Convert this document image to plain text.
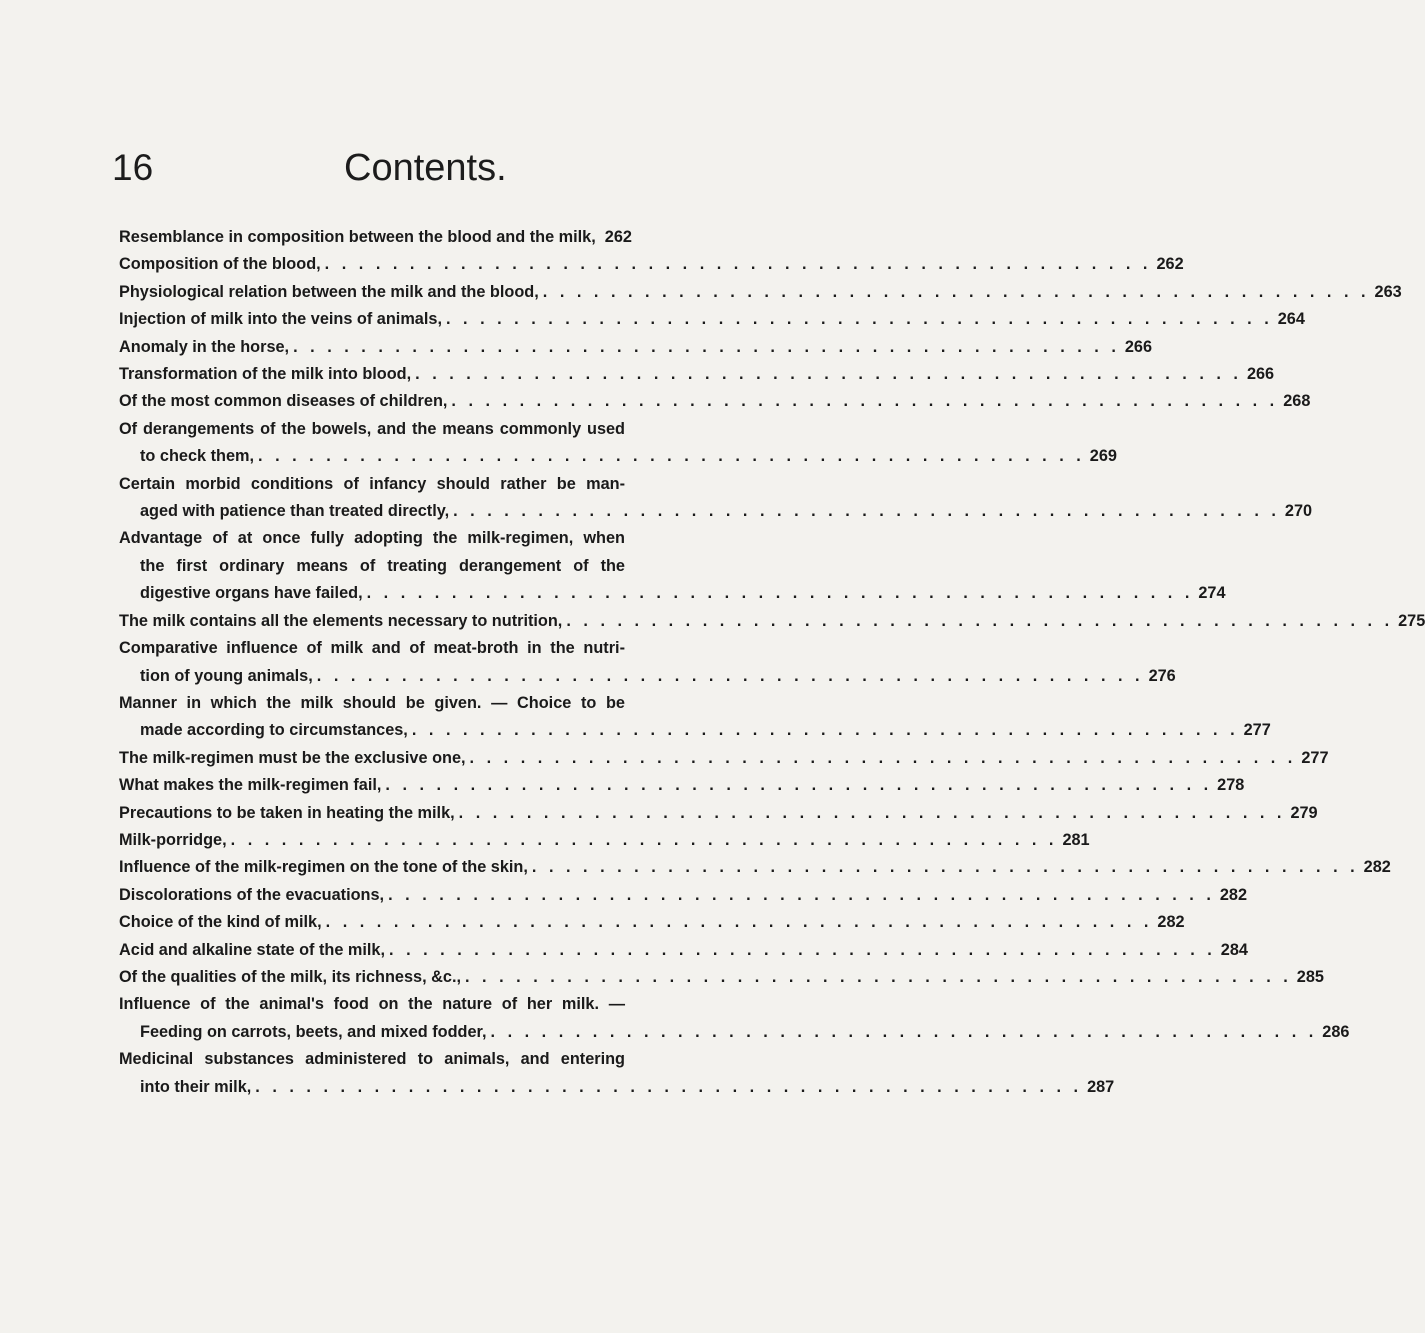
16	Contents.
Resemblance in composition between the blood and the milk, 262
Composition of the blood, . . . . . . . . . . . . . . . . . . . . . . . . . . . . . . . . . . . . . . . . . . . . . . . . . 262
Physiological relation between the milk and the blood, . . . . . . . . . . . . . . . . . . . . . . . . . . . . . . . . . . . . . . . . . . . . . . . . . 263
Injection of milk into the veins of animals, . . . . . . . . . . . . . . . . . . . . . . . . . . . . . . . . . . . . . . . . . . . . . . . . . 264
Anomaly in the horse, . . . . . . . . . . . . . . . . . . . . . . . . . . . . . . . . . . . . . . . . . . . . . . . . . 266
Transformation of the milk into blood, . . . . . . . . . . . . . . . . . . . . . . . . . . . . . . . . . . . . . . . . . . . . . . . . . 266
Of the most common diseases of children, . . . . . . . . . . . . . . . . . . . . . . . . . . . . . . . . . . . . . . . . . . . . . . . . . 268
Of derangements of the bowels, and the means commonly used
to check them, . . . . . . . . . . . . . . . . . . . . . . . . . . . . . . . . . . . . . . . . . . . . . . . . . 269
Certain morbid conditions of infancy should rather be man-
aged with patience than treated directly, . . . . . . . . . . . . . . . . . . . . . . . . . . . . . . . . . . . . . . . . . . . . . . . . . 270
Advantage of at once fully adopting the milk-regimen, when
the first ordinary means of treating derangement of the
digestive organs have failed, . . . . . . . . . . . . . . . . . . . . . . . . . . . . . . . . . . . . . . . . . . . . . . . . . 274
The milk contains all the elements necessary to nutrition, . . . . . . . . . . . . . . . . . . . . . . . . . . . . . . . . . . . . . . . . . . . . . . . . . 275
Comparative influence of milk and of meat-broth in the nutri-
tion of young animals, . . . . . . . . . . . . . . . . . . . . . . . . . . . . . . . . . . . . . . . . . . . . . . . . . 276
Manner in which the milk should be given. — Choice to be
made according to circumstances, . . . . . . . . . . . . . . . . . . . . . . . . . . . . . . . . . . . . . . . . . . . . . . . . . 277
The milk-regimen must be the exclusive one, . . . . . . . . . . . . . . . . . . . . . . . . . . . . . . . . . . . . . . . . . . . . . . . . . 277
What makes the milk-regimen fail, . . . . . . . . . . . . . . . . . . . . . . . . . . . . . . . . . . . . . . . . . . . . . . . . . 278
Precautions to be taken in heating the milk, . . . . . . . . . . . . . . . . . . . . . . . . . . . . . . . . . . . . . . . . . . . . . . . . . 279
Milk-porridge, . . . . . . . . . . . . . . . . . . . . . . . . . . . . . . . . . . . . . . . . . . . . . . . . . 281
Influence of the milk-regimen on the tone of the skin, . . . . . . . . . . . . . . . . . . . . . . . . . . . . . . . . . . . . . . . . . . . . . . . . . 282
Discolorations of the evacuations, . . . . . . . . . . . . . . . . . . . . . . . . . . . . . . . . . . . . . . . . . . . . . . . . . 282
Choice of the kind of milk, . . . . . . . . . . . . . . . . . . . . . . . . . . . . . . . . . . . . . . . . . . . . . . . . . 282
Acid and alkaline state of the milk, . . . . . . . . . . . . . . . . . . . . . . . . . . . . . . . . . . . . . . . . . . . . . . . . . 284
Of the qualities of the milk, its richness, &c., . . . . . . . . . . . . . . . . . . . . . . . . . . . . . . . . . . . . . . . . . . . . . . . . . 285
Influence of the animal's food on the nature of her milk. —
Feeding on carrots, beets, and mixed fodder, . . . . . . . . . . . . . . . . . . . . . . . . . . . . . . . . . . . . . . . . . . . . . . . . . 286
Medicinal substances administered to animals, and entering
into their milk, . . . . . . . . . . . . . . . . . . . . . . . . . . . . . . . . . . . . . . . . . . . . . . . . . 287
